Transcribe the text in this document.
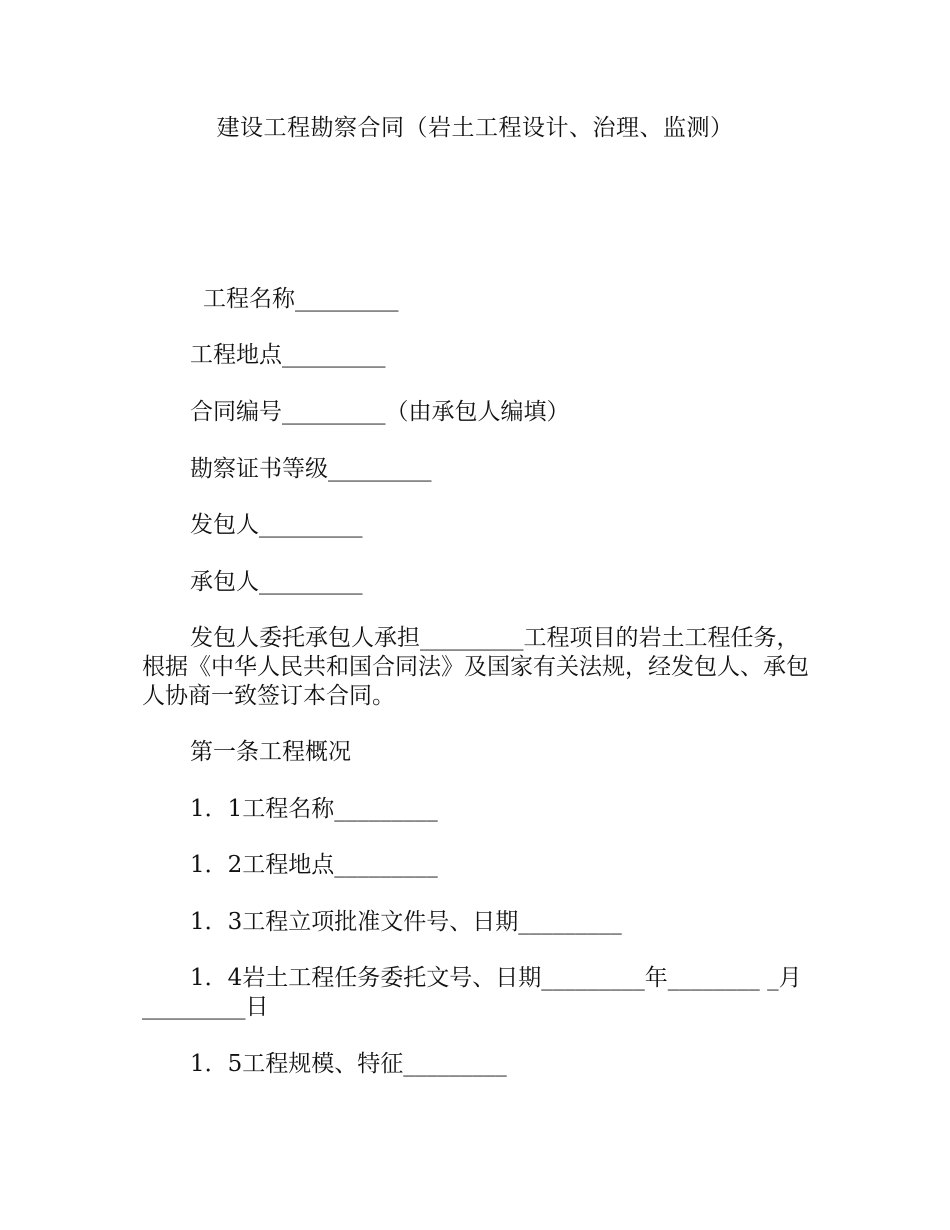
建设工程勘察合同（岩土工程设计、治理、监测）
工程名称_________
工程地点_________
合同编号_________（由承包人编填）
勘察证书等级_________
发包人_________
承包人_________
发包人委托承包人承担_________工程项目的岩土工程任务，根据《中华人民共和国合同法》及国家有关法规，经发包人、承包人协商一致签订本合同。
第一条工程概况
1．1工程名称_________
1．2工程地点_________
1．3工程立项批准文件号、日期_________
1．4岩土工程任务委托文号、日期_________年________ _月_________日
1．5工程规模、特征_________
